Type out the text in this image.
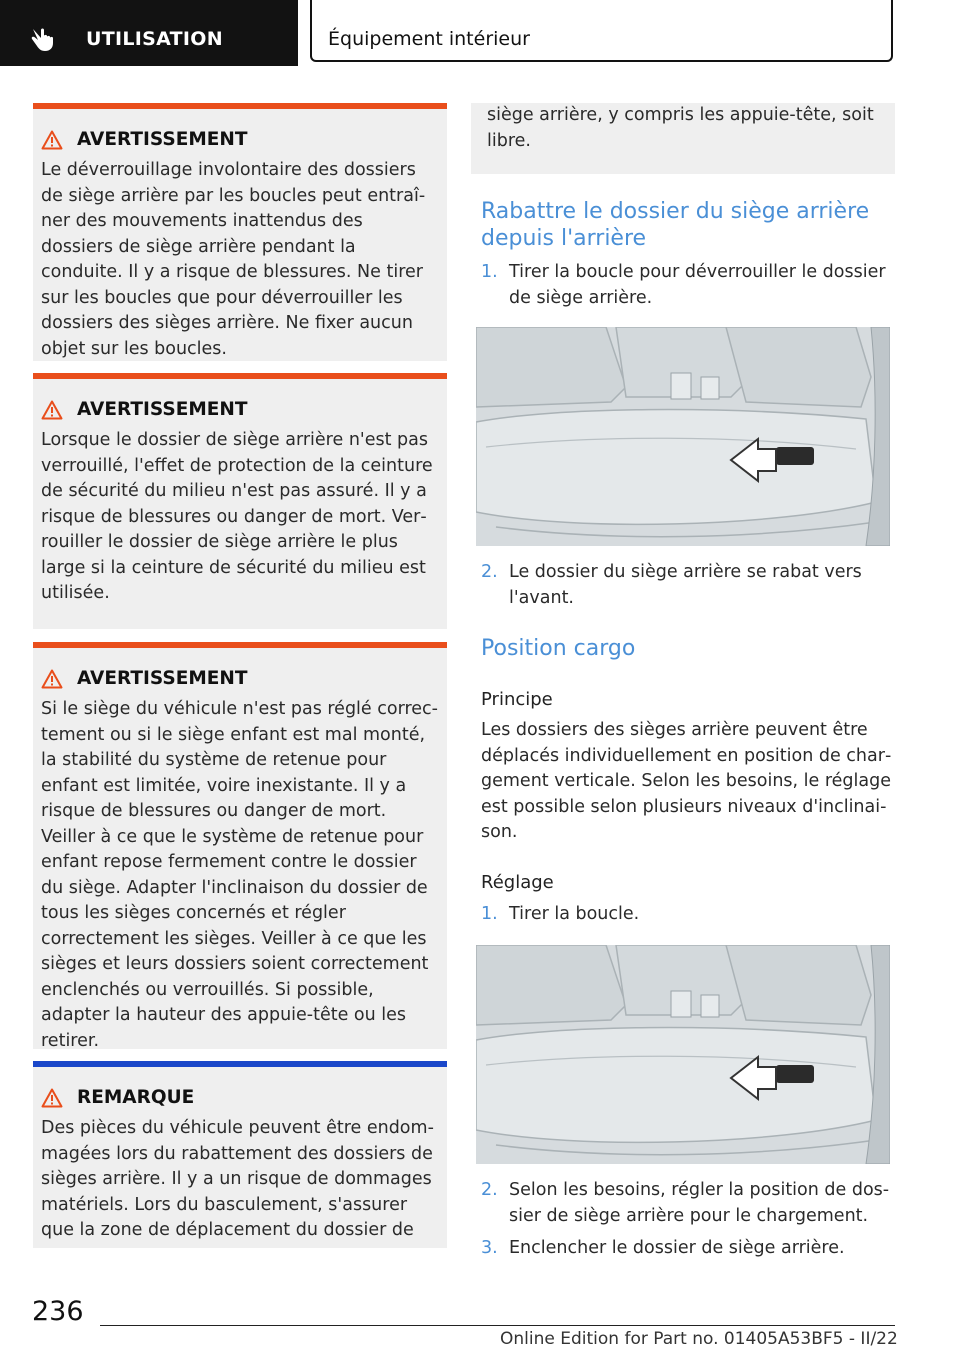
UTILISATION	Équipement intérieur
AVERTISSEMENT
Le déverrouillage involontaire des dossiers de siège arrière par les boucles peut entraîner des mouvements inattendus des dossiers de siège arrière pendant la conduite. Il y a risque de blessures. Ne tirer sur les boucles que pour déverrouiller les dossiers des sièges arrière. Ne fixer aucun objet sur les boucles.
AVERTISSEMENT
Lorsque le dossier de siège arrière n'est pas verrouillé, l'effet de protection de la ceinture de sécurité du milieu n'est pas assuré. Il y a risque de blessures ou danger de mort. Verrouiller le dossier de siège arrière le plus large si la ceinture de sécurité du milieu est utilisée.
AVERTISSEMENT
Si le siège du véhicule n'est pas réglé correctement ou si le siège enfant est mal monté, la stabilité du système de retenue pour enfant est limitée, voire inexistante. Il y a risque de blessures ou danger de mort. Veiller à ce que le système de retenue pour enfant repose fermement contre le dossier du siège. Adapter l'inclinaison du dossier de tous les sièges concernés et régler correctement les sièges. Veiller à ce que les sièges et leurs dossiers soient correctement enclenchés ou verrouillés. Si possible, adapter la hauteur des appuie-tête ou les retirer.
REMARQUE
Des pièces du véhicule peuvent être endommagées lors du rabattement des dossiers de sièges arrière. Il y a un risque de dommages matériels. Lors du basculement, s'assurer que la zone de déplacement du dossier de
siège arrière, y compris les appuie-tête, soit libre.
Rabattre le dossier du siège arrière depuis l'arrière
1. Tirer la boucle pour déverrouiller le dossier de siège arrière.
2. Le dossier du siège arrière se rabat vers l'avant.
Position cargo
Principe
Les dossiers des sièges arrière peuvent être déplacés individuellement en position de chargement verticale. Selon les besoins, le réglage est possible selon plusieurs niveaux d'inclinaison.
Réglage
1. Tirer la boucle.
2. Selon les besoins, régler la position de dossier de siège arrière pour le chargement.
3. Enclencher le dossier de siège arrière.
236
Online Edition for Part no. 01405A53BF5 - II/22
